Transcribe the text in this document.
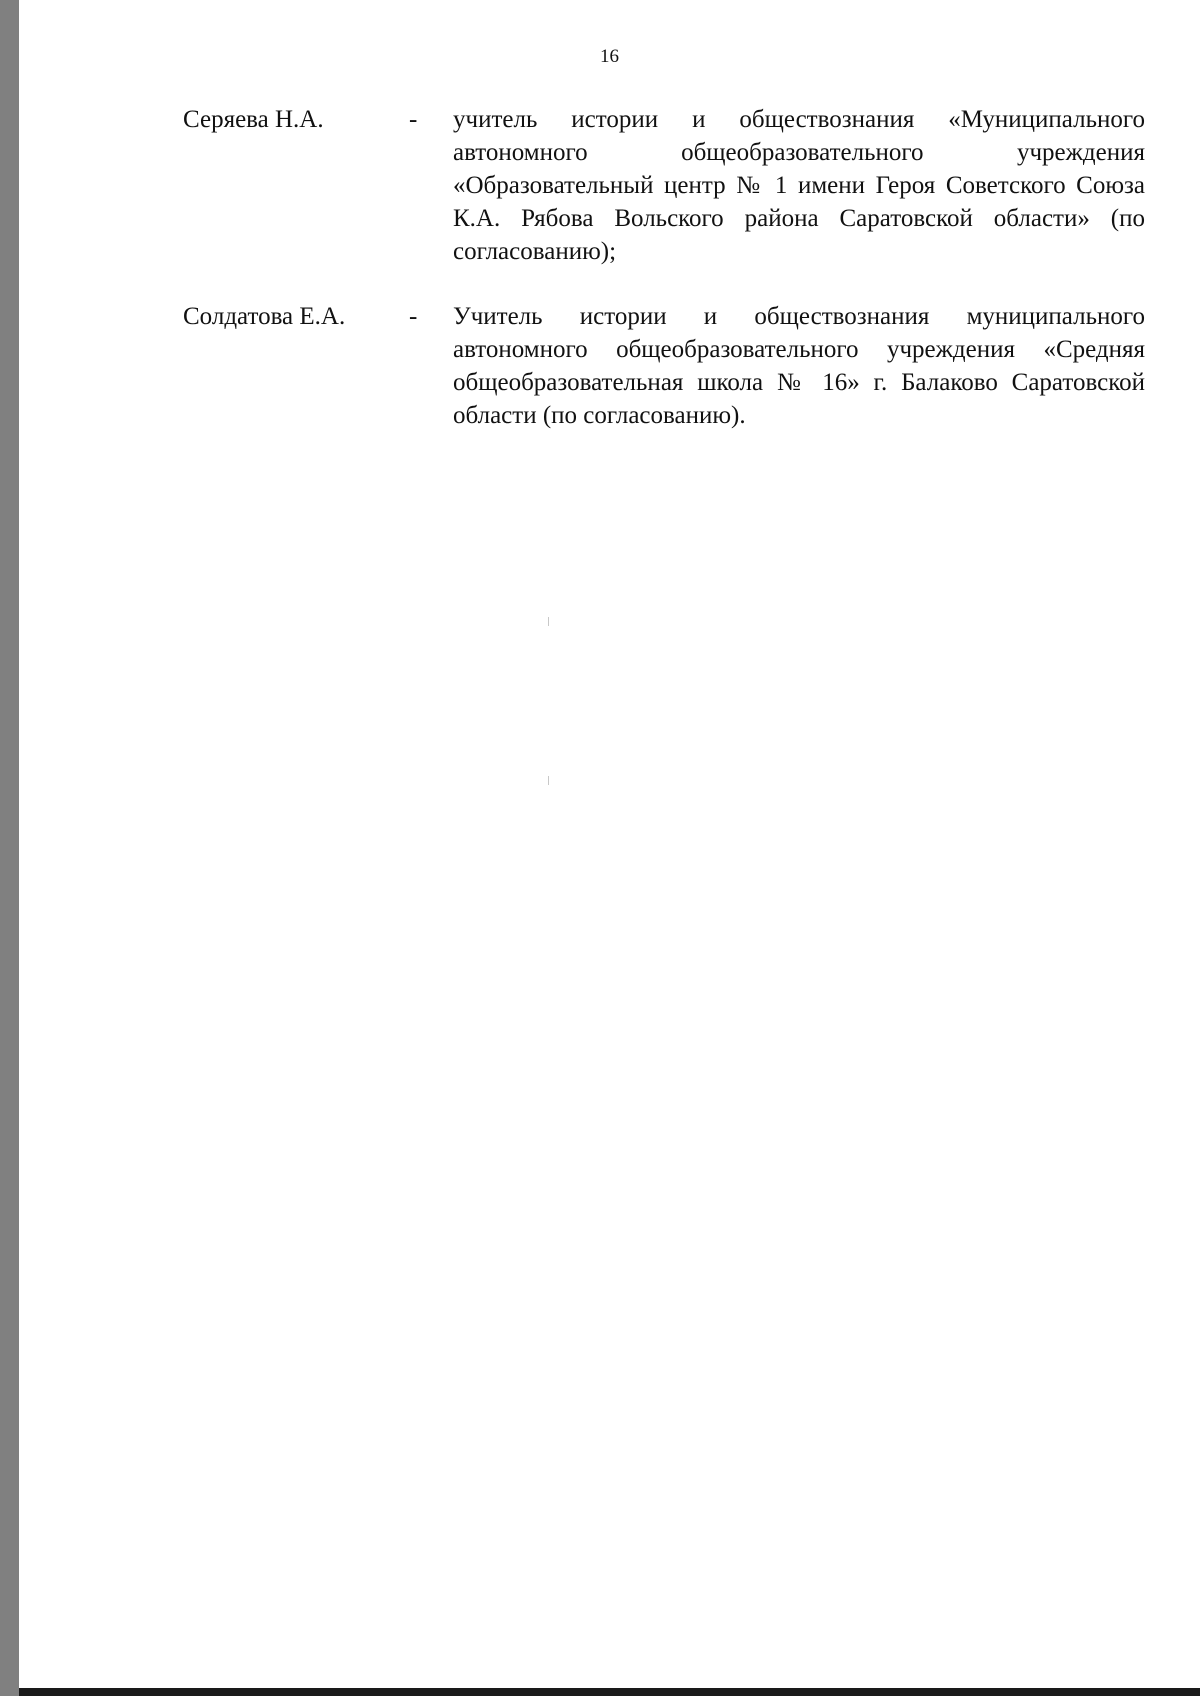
16
Серяева Н.А.	- учитель истории и обществознания «Муниципального автономного общеобразовательного учреждения «Образовательный центр № 1 имени Героя Советского Союза К.А. Рябова Вольского района Саратовской области» (по согласованию);
Солдатова Е.А.	- Учитель истории и обществознания муниципального автономного общеобразовательного учреждения «Средняя общеобразовательная школа № 16» г. Балаково Саратовской области (по согласованию).
